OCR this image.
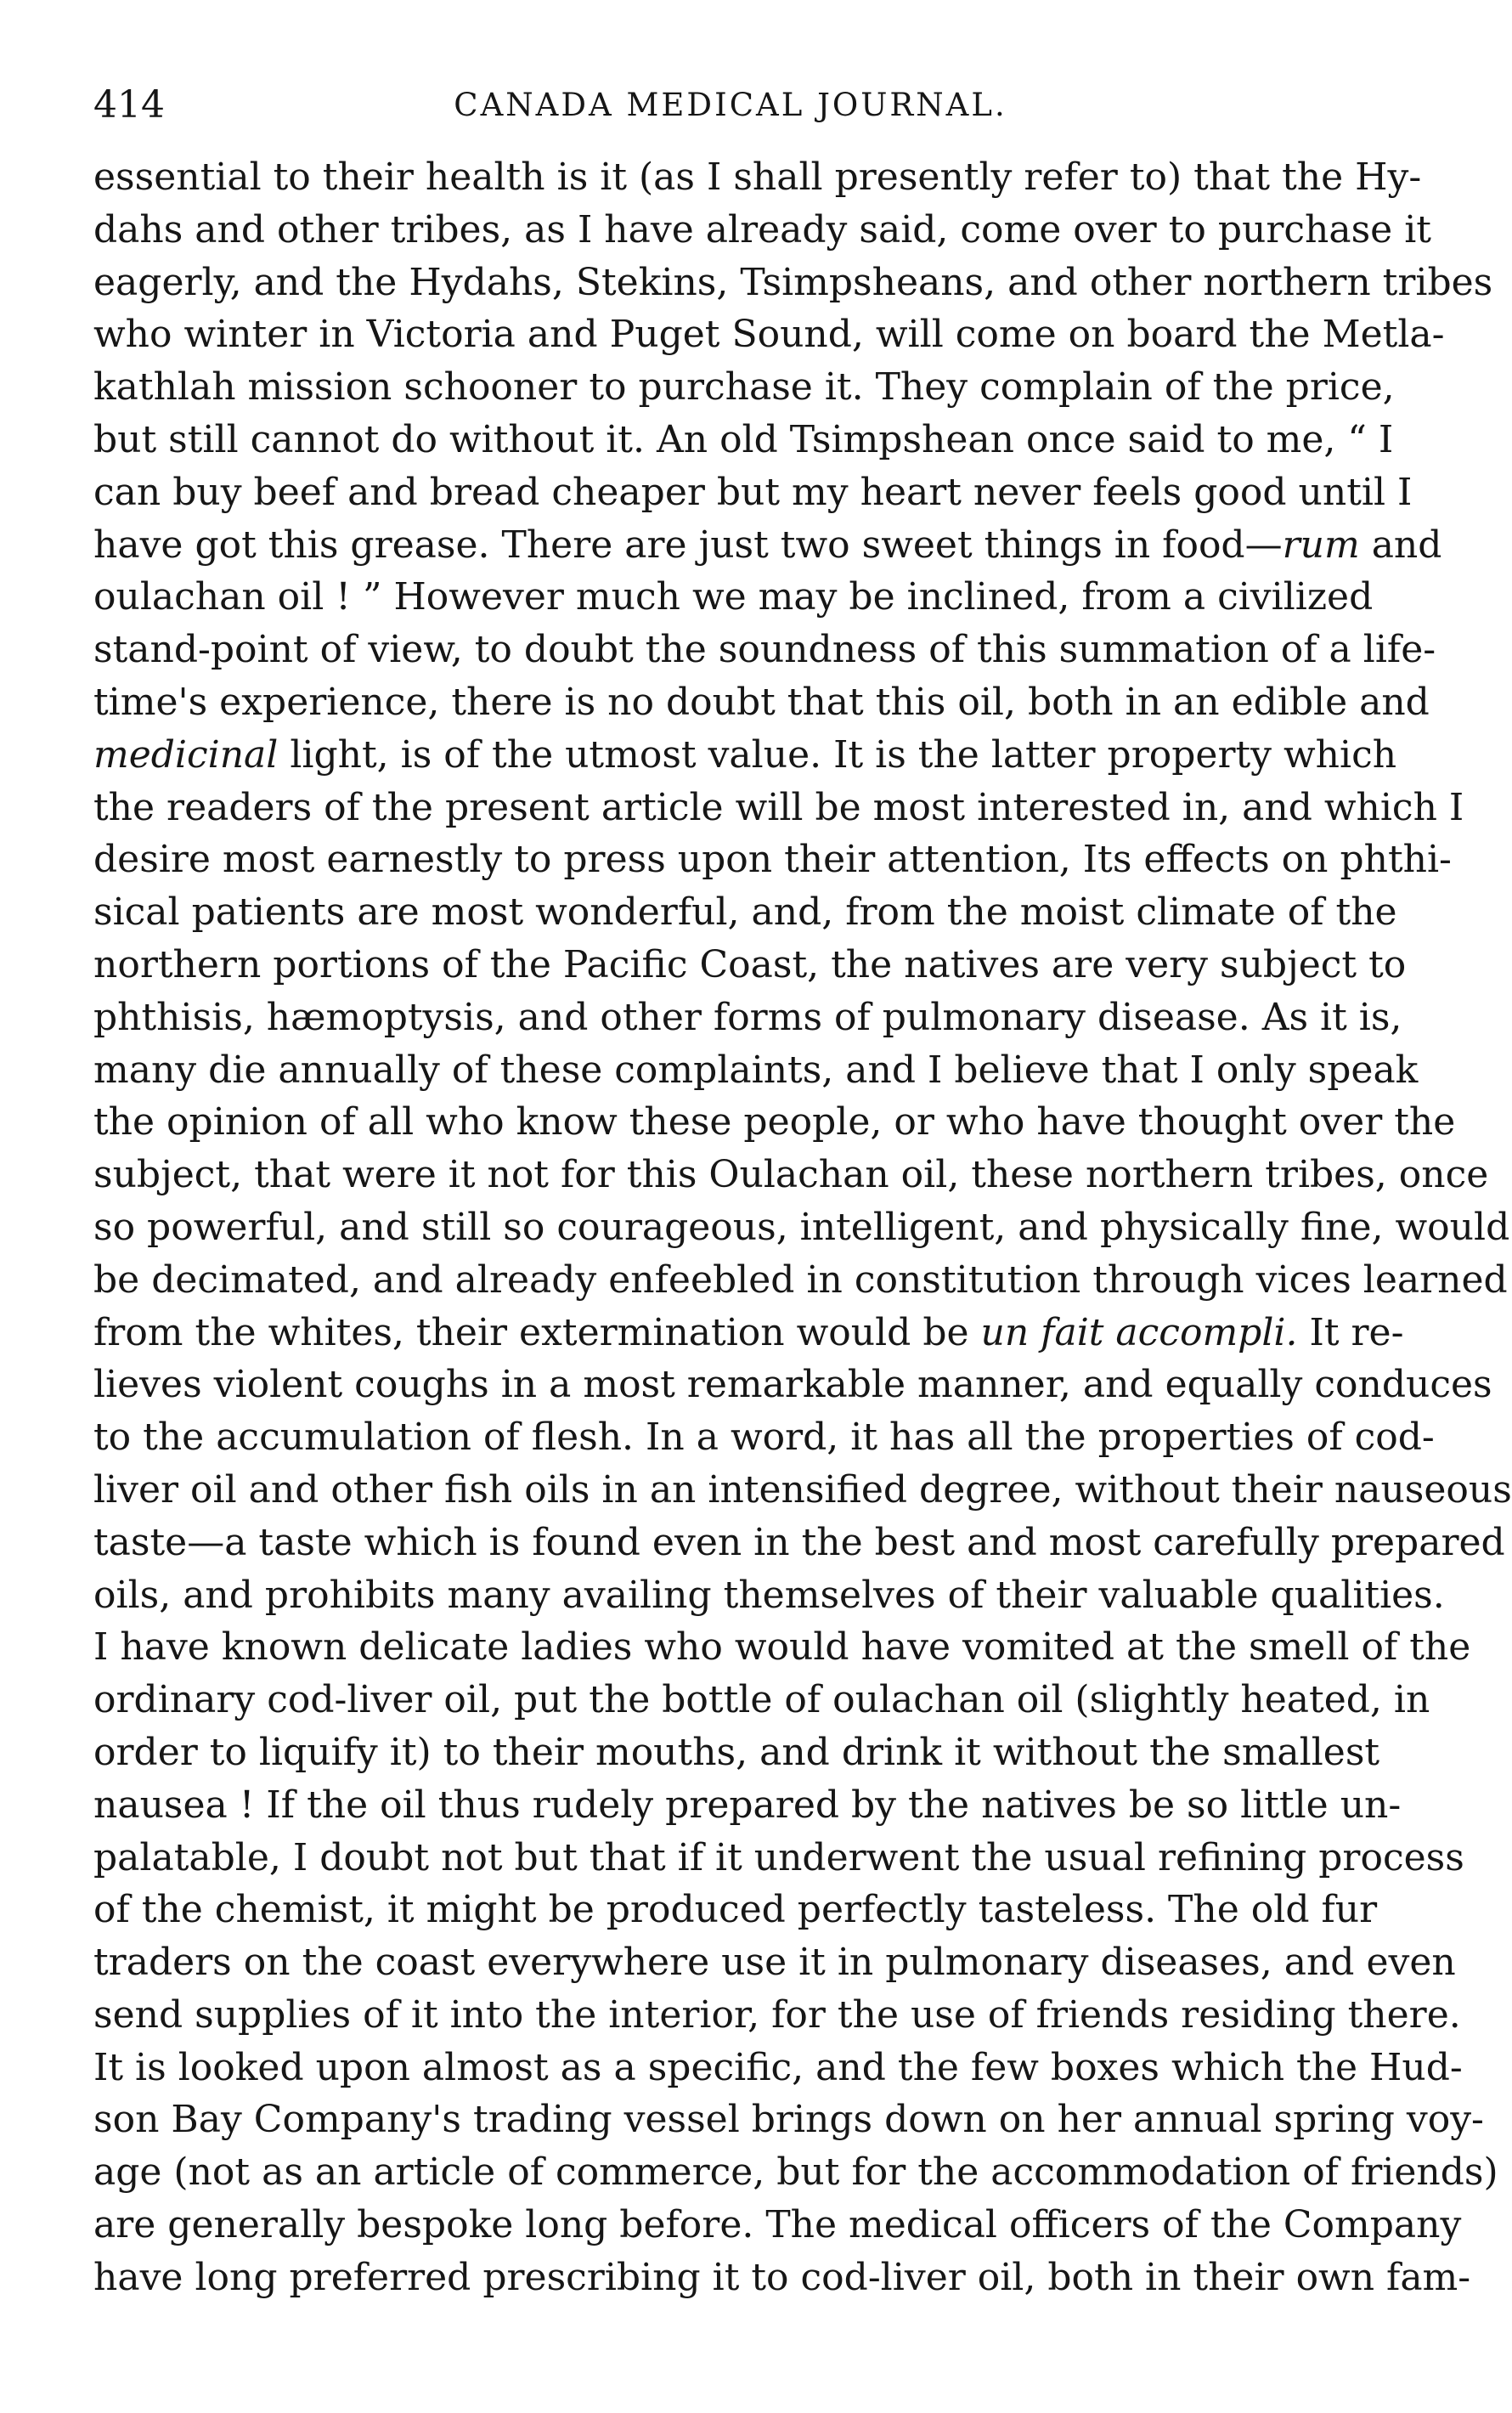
414	CANADA MEDICAL JOURNAL.
essential to their health is it (as I shall presently refer to) that the Hy-
dahs and other tribes, as I have already said, come over to purchase it
eagerly, and the Hydahs, Stekins, Tsimpsheans, and other northern tribes
who winter in Victoria and Puget Sound, will come on board the Metla-
kathlah mission schooner to purchase it. They complain of the price,
but still cannot do without it. An old Tsimpshean once said to me, “ I
can buy beef and bread cheaper but my heart never feels good until I
have got this grease. There are just two sweet things in food—rum and
oulachan oil ! ” However much we may be inclined, from a civilized
stand-point of view, to doubt the soundness of this summation of a life-
time's experience, there is no doubt that this oil, both in an edible and
medicinal light, is of the utmost value. It is the latter property which
the readers of the present article will be most interested in, and which I
desire most earnestly to press upon their attention, Its effects on phthi-
sical patients are most wonderful, and, from the moist climate of the
northern portions of the Pacific Coast, the natives are very subject to
phthisis, hæmoptysis, and other forms of pulmonary disease. As it is,
many die annually of these complaints, and I believe that I only speak
the opinion of all who know these people, or who have thought over the
subject, that were it not for this Oulachan oil, these northern tribes, once
so powerful, and still so courageous, intelligent, and physically fine, would
be decimated, and already enfeebled in constitution through vices learned
from the whites, their extermination would be un fait accompli. It re-
lieves violent coughs in a most remarkable manner, and equally conduces
to the accumulation of flesh. In a word, it has all the properties of cod-
liver oil and other fish oils in an intensified degree, without their nauseous
taste—a taste which is found even in the best and most carefully prepared
oils, and prohibits many availing themselves of their valuable qualities.
I have known delicate ladies who would have vomited at the smell of the
ordinary cod-liver oil, put the bottle of oulachan oil (slightly heated, in
order to liquify it) to their mouths, and drink it without the smallest
nausea ! If the oil thus rudely prepared by the natives be so little un-
palatable, I doubt not but that if it underwent the usual refining process
of the chemist, it might be produced perfectly tasteless. The old fur
traders on the coast everywhere use it in pulmonary diseases, and even
send supplies of it into the interior, for the use of friends residing there.
It is looked upon almost as a specific, and the few boxes which the Hud-
son Bay Company's trading vessel brings down on her annual spring voy-
age (not as an article of commerce, but for the accommodation of friends)
are generally bespoke long before. The medical officers of the Company
have long preferred prescribing it to cod-liver oil, both in their own fam-
